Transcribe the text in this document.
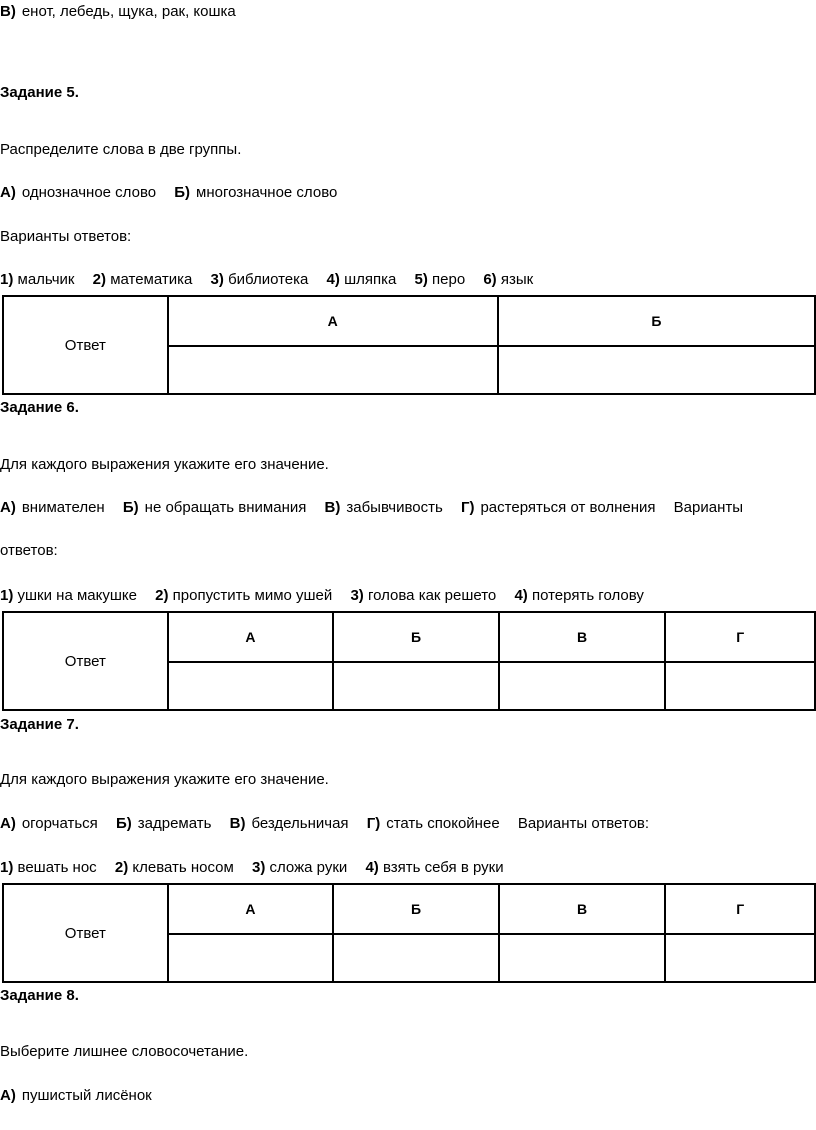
В) енот, лебедь, щука, рак, кошка
Задание 5.
Распределите слова в две группы.
А) однозначное слово Б) многозначное слово
Варианты ответов:
1) мальчик 2) математика 3) библиотека 4) шляпка 5) перо 6) язык
Ответ	А	Б

Задание 6.
Для каждого выражения укажите его значение.
А) внимателен Б) не обращать внимания В) забывчивость Г) растеряться от волнения Варианты
ответов:
1) ушки на макушке 2) пропустить мимо ушей 3) голова как решето 4) потерять голову
Ответ	А	Б	В	Г

Задание 7.
Для каждого выражения укажите его значение.
А) огорчаться Б) задремать В) бездельничая Г) стать спокойнее Варианты ответов:
1) вешать нос 2) клевать носом 3) сложа руки 4) взять себя в руки
Ответ	А	Б	В	Г

Задание 8.
Выберите лишнее словосочетание.
А) пушистый лисёнок
